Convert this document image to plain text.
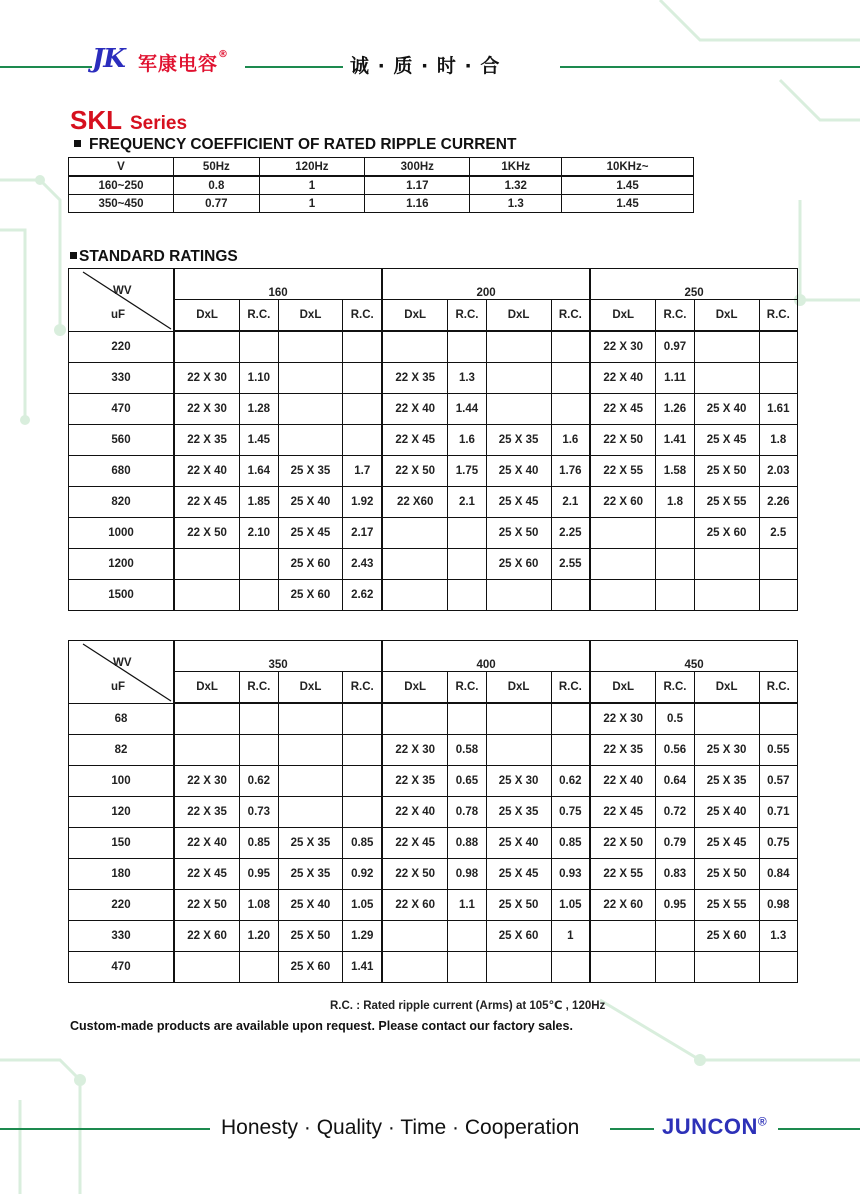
JK 军康电容®
诚 · 质 · 时 · 合
SKL Series
FREQUENCY COEFFICIENT OF RATED RIPPLE CURRENT
V	50Hz	120Hz	300Hz	1KHz	10KHz~
160~250	0.8	1	1.17	1.32	1.45
350~450	0.77	1	1.16	1.3	1.45
STANDARD RATINGS
WV
uF	160				200				250			
	DxL	R.C.	DxL	R.C.	DxL	R.C.	DxL	R.C.	DxL	R.C.	DxL	R.C.
220									22 X 30	0.97		
330	22 X 30	1.10			22 X 35	1.3			22 X 40	1.11		
470	22 X 30	1.28			22 X 40	1.44			22 X 45	1.26	25 X 40	1.61
560	22 X 35	1.45			22 X 45	1.6	25 X 35	1.6	22 X 50	1.41	25 X 45	1.8
680	22 X 40	1.64	25 X 35	1.7	22 X 50	1.75	25 X 40	1.76	22 X 55	1.58	25 X 50	2.03
820	22 X 45	1.85	25 X 40	1.92	22 X60	2.1	25 X 45	2.1	22 X 60	1.8	25 X 55	2.26
1000	22 X 50	2.10	25 X 45	2.17			25 X 50	2.25			25 X 60	2.5
1200			25 X 60	2.43			25 X 60	2.55				
1500			25 X 60	2.62								
WV
uF	350				400				450			
	DxL	R.C.	DxL	R.C.	DxL	R.C.	DxL	R.C.	DxL	R.C.	DxL	R.C.
68									22 X 30	0.5		
82					22 X 30	0.58			22 X 35	0.56	25 X 30	0.55
100	22 X 30	0.62			22 X 35	0.65	25 X 30	0.62	22 X 40	0.64	25 X 35	0.57
120	22 X 35	0.73			22 X 40	0.78	25 X 35	0.75	22 X 45	0.72	25 X 40	0.71
150	22 X 40	0.85	25 X 35	0.85	22 X 45	0.88	25 X 40	0.85	22 X 50	0.79	25 X 45	0.75
180	22 X 45	0.95	25 X 35	0.92	22 X 50	0.98	25 X 45	0.93	22 X 55	0.83	25 X 50	0.84
220	22 X 50	1.08	25 X 40	1.05	22 X 60	1.1	25 X 50	1.05	22 X 60	0.95	25 X 55	0.98
330	22 X 60	1.20	25 X 50	1.29			25 X 60	1			25 X 60	1.3
470			25 X 60	1.41								
R.C. : Rated ripple current (Arms) at 105℃ , 120Hz
Custom-made products are available upon request. Please contact our factory sales.
Honesty · Quality · Time · Cooperation	JUNCON®
